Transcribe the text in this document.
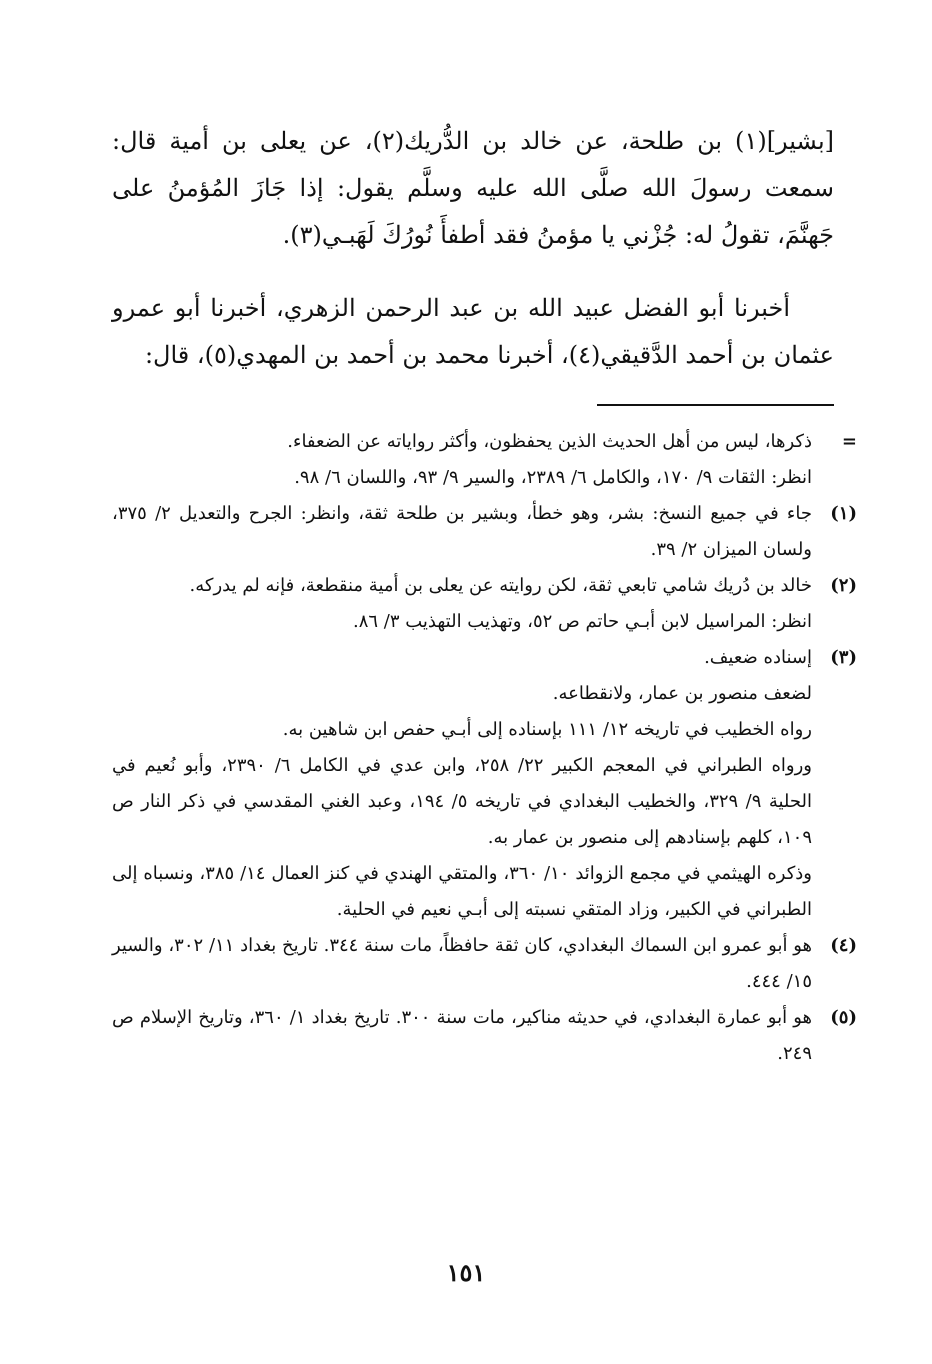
[بشير](١) بن طلحة، عن خالد بن الدُّريك(٢)، عن يعلى بن أمية قال: سمعت رسولَ الله صلَّى الله عليه وسلَّم يقول: إذا جَازَ المُؤمنُ على جَهنَّمَ، تقولُ له: جُزْني يا مؤمنُ فقد أطفأَ نُورُكَ لَهَبـي(٣).

أخبرنا أبو الفضل عبيد الله بن عبد الرحمن الزهري، أخبرنا أبو عمرو عثمان بن أحمد الدَّقيقي(٤)، أخبرنا محمد بن أحمد بن المهدي(٥)، قال:

=
ذكرها، ليس من أهل الحديث الذين يحفظون، وأكثر رواياته عن الضعفاء.
انظر: الثقات ٩/ ١٧٠، والكامل ٦/ ٢٣٨٩، والسير ٩/ ٩٣، واللسان ٦/ ٩٨.
(١)
جاء في جميع النسخ: بشر، وهو خطأ، وبشير بن طلحة ثقة، وانظر: الجرح والتعديل ٢/ ٣٧٥، ولسان الميزان ٢/ ٣٩.
(٢)
خالد بن دُريك شامي تابعي ثقة، لكن روايته عن يعلى بن أمية منقطعة، فإنه لم يدركه.
انظر: المراسيل لابن أبـي حاتم ص ٥٢، وتهذيب التهذيب ٣/ ٨٦.
(٣)
إسناده ضعيف.
لضعف منصور بن عمار، ولانقطاعه.
رواه الخطيب في تاريخه ١٢/ ١١١ بإسناده إلى أبـي حفص ابن شاهين به.
ورواه الطبراني في المعجم الكبير ٢٢/ ٢٥٨، وابن عدي في الكامل ٦/ ٢٣٩٠، وأبو نُعيم في الحلية ٩/ ٣٢٩، والخطيب البغدادي في تاريخه ٥/ ١٩٤، وعبد الغني المقدسي في ذكر النار ص ١٠٩، كلهم بإسنادهم إلى منصور بن عمار به.
وذكره الهيثمي في مجمع الزوائد ١٠/ ٣٦٠، والمتقي الهندي في كنز العمال ١٤/ ٣٨٥، ونسباه إلى الطبراني في الكبير، وزاد المتقي نسبته إلى أبـي نعيم في الحلية.
(٤)
هو أبو عمرو ابن السماك البغدادي، كان ثقة حافظاً، مات سنة ٣٤٤. تاريخ بغداد ١١/ ٣٠٢، والسير ١٥/ ٤٤٤.
(٥)
هو أبو عمارة البغدادي، في حديثه مناكير، مات سنة ٣٠٠. تاريخ بغداد ١/ ٣٦٠، وتاريخ الإسلام ص ٢٤٩.
١٥١
